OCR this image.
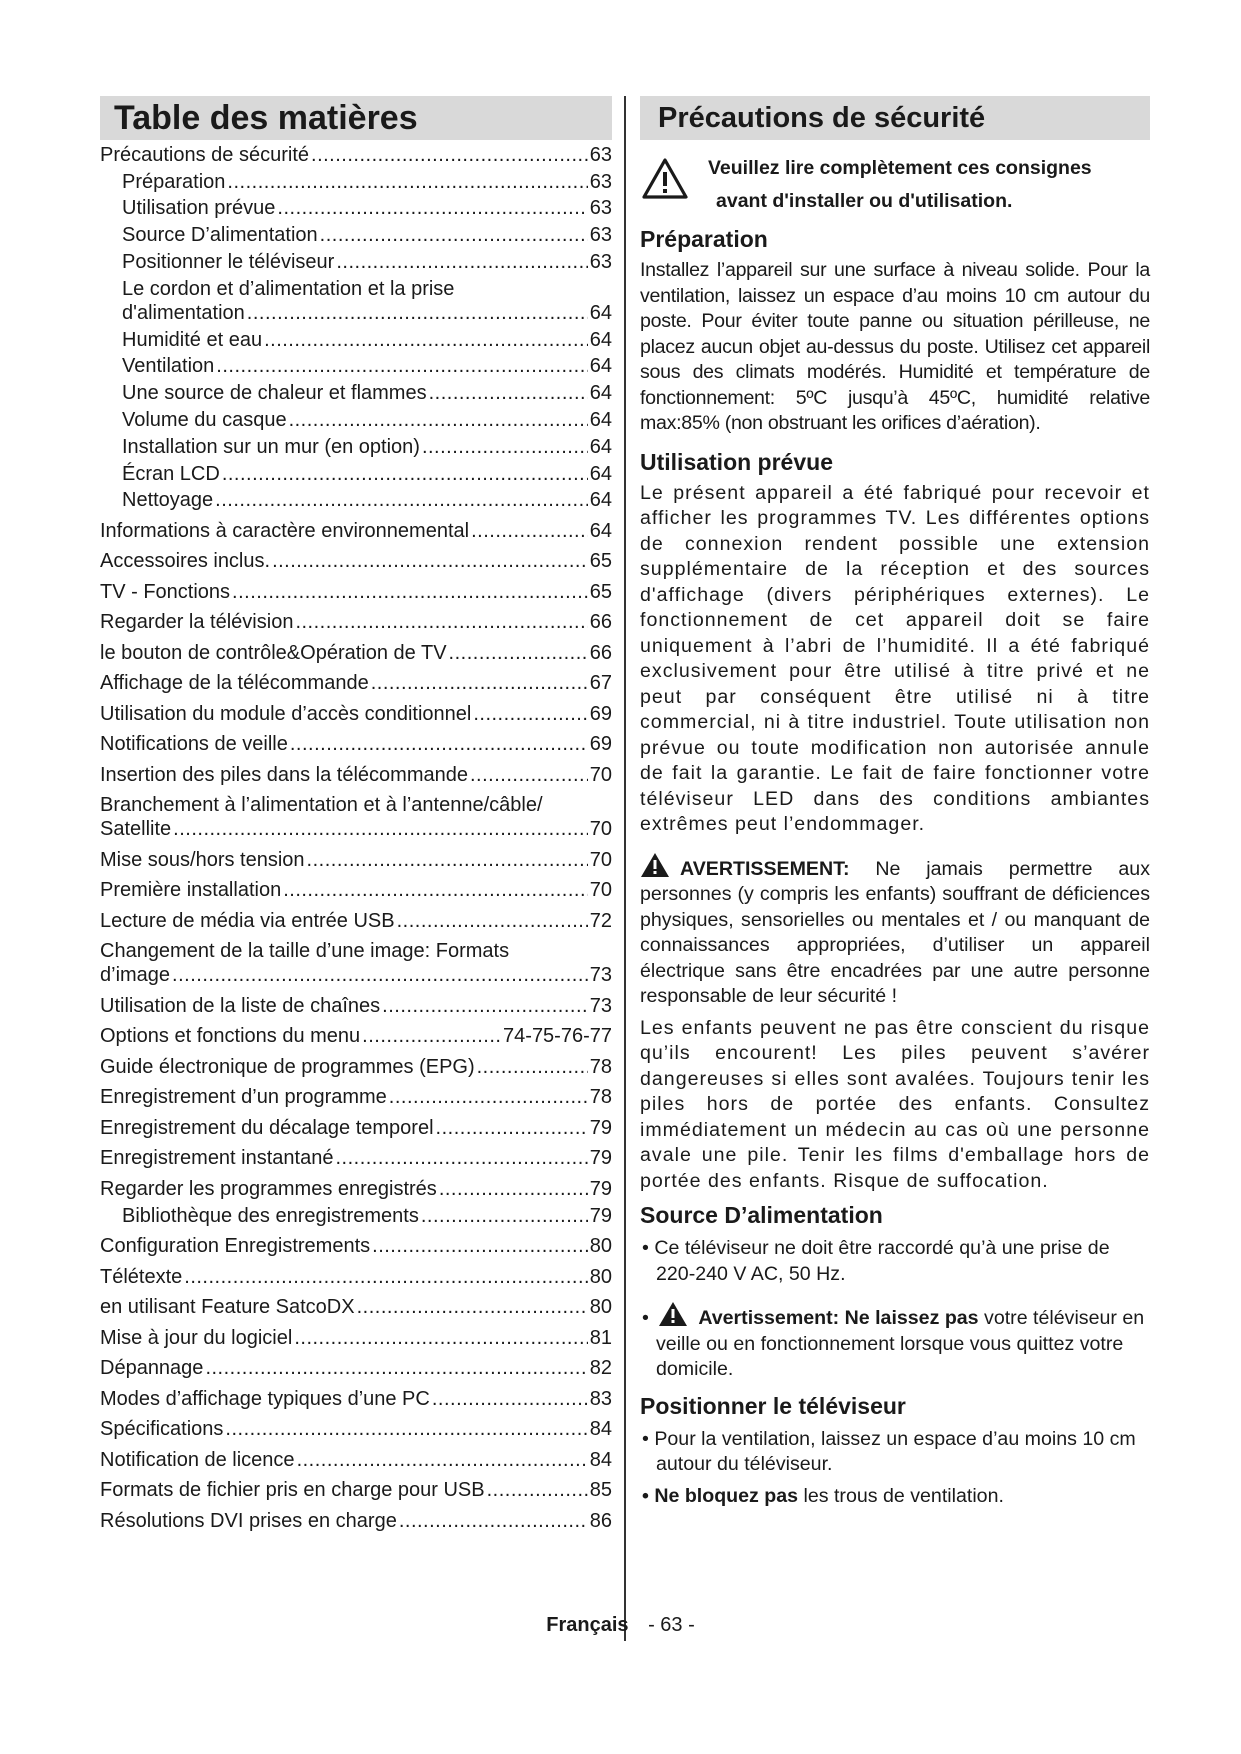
Table des matières
Précautions de sécurité .....	63
Préparation .....	63
Utilisation prévue .....	63
Source D’alimentation .....	63
Positionner le téléviseur .....	63
Le cordon et d’alimentation et la prise
d'alimentation .....	64
Humidité et eau .....	64
Ventilation .....	64
Une source de chaleur et flammes .....	64
Volume du casque .....	64
Installation sur un mur (en option) .....	64
Écran LCD .....	64
Nettoyage .....	64
Informations à caractère environnemental .....	64
Accessoires inclus. .....	65
TV - Fonctions .....	65
Regarder la télévision .....	66
le bouton de contrôle&Opération de TV .....	66
Affichage de la télécommande .....	67
Utilisation du module d’accès conditionnel .....	69
Notifications de veille .....	69
Insertion des piles dans la télécommande .....	70
Branchement à l’alimentation et à l’antenne/câble/
Satellite .....	70
Mise sous/hors tension .....	70
Première installation .....	70
Lecture de média via entrée USB .....	72
Changement de la taille d’une image: Formats
d’image .....	73
Utilisation de la liste de chaînes .....	73
Options et fonctions du menu .....	74-75-76-77
Guide électronique de programmes (EPG) .....	78
Enregistrement d’un programme .....	78
Enregistrement du décalage temporel .....	79
Enregistrement instantané .....	79
Regarder les programmes enregistrés .....	79
Bibliothèque des enregistrements .....	79
Configuration Enregistrements .....	80
Télétexte .....	80
en utilisant Feature SatcoDX .....	80
Mise à jour du logiciel .....	81
Dépannage .....	82
Modes d’affichage typiques d’une PC .....	83
Spécifications .....	84
Notification de licence .....	84
Formats de fichier pris en charge pour USB .....	85
Résolutions DVI prises en charge .....	86
Précautions de sécurité
Veuillez lire complètement ces consignes
avant d'installer ou d'utilisation.
Préparation
Installez l’appareil sur une surface à niveau solide. Pour la ventilation, laissez un espace d’au moins 10 cm autour du poste. Pour éviter toute panne ou situation périlleuse, ne placez aucun objet au-dessus du poste. Utilisez cet appareil sous des climats modérés. Humidité et température de fonctionnement: 5ºC jusqu’à 45ºC, humidité relative max:85% (non obstruant les orifices d’aération).
Utilisation prévue
Le présent appareil a été fabriqué pour recevoir et afficher les programmes TV. Les différentes options de connexion rendent possible une extension supplémentaire de la réception et des sources d'affichage (divers périphériques externes). Le fonctionnement de cet appareil doit se faire uniquement à l’abri de l’humidité. Il a été fabriqué exclusivement pour être utilisé à titre privé et ne peut par conséquent être utilisé ni à titre commercial, ni à titre industriel. Toute utilisation non prévue ou toute modification non autorisée annule de fait la garantie. Le fait de faire fonctionner votre téléviseur LED dans des conditions ambiantes extrêmes peut l’endommager.
AVERTISSEMENT: Ne jamais permettre aux personnes (y compris les enfants) souffrant de déficiences physiques, sensorielles ou mentales et / ou manquant de connaissances appropriées, d’utiliser un appareil électrique sans être encadrées par une autre personne responsable de leur sécurité !
Les enfants peuvent ne pas être conscient du risque qu’ils encourent! Les piles peuvent s’avérer dangereuses si elles sont avalées. Toujours tenir les piles hors de portée des enfants. Consultez immédiatement un médecin au cas où une personne avale une pile. Tenir les films d'emballage hors de portée des enfants. Risque de suffocation.
Source D’alimentation
• Ce téléviseur ne doit être raccordé qu’à une prise de 220-240 V AC, 50 Hz.
•	Avertissement: Ne laissez pas votre téléviseur en veille ou en fonctionnement lorsque vous quittez votre domicile.
Positionner le téléviseur
• Pour la ventilation, laissez un espace d’au moins 10 cm autour du téléviseur.
• Ne bloquez pas les trous de ventilation.
Français - 63 -
